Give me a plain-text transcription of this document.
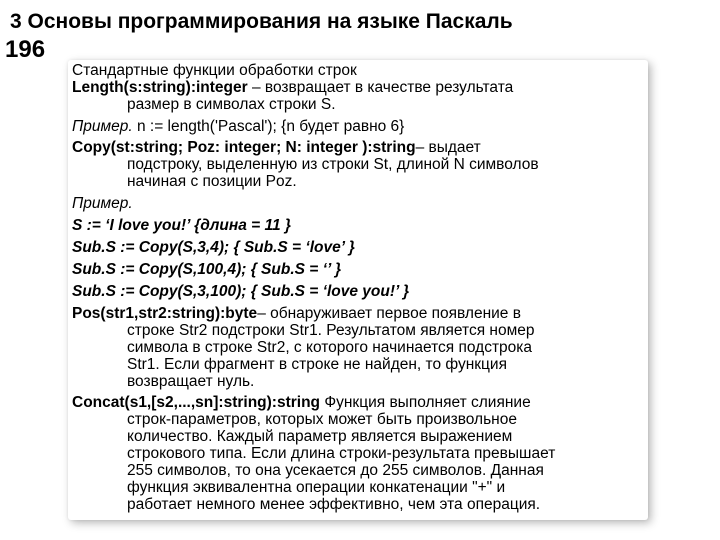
3 Основы программирования на языке Паскаль
196

Стандартные функции обработки строк

Length(s:string):integer – возвращает в качестве результата

размер в символах строки S.

Пример. n := length('Pascal'); {n будет равно 6}

Copy(st:string; Poz: integer; N: integer ):string– выдает

подстроку, выделенную из строки St, длиной N символов

начиная с позиции Poz.

Пример.

S := ‘I love you!’ {длина = 11 }

Sub.S := Copy(S,3,4); { Sub.S = ‘love’ }

Sub.S := Copy(S,100,4); { Sub.S = ‘’ }

Sub.S := Copy(S,3,100); { Sub.S = ‘love you!’ }

Pos(str1,str2:string):byte– обнаруживает первое появление в

строке Str2 подстроки Str1. Результатом является номер

символа в строке Str2, с которого начинается подстрока

Str1. Если фрагмент в строке не найден, то функция

возвращает нуль.

Concat(s1,[s2,...,sn]:string):string Функция выполняет слияние

строк-параметров, которых может быть произвольное

количество. Каждый параметр является выражением

строкового типа. Если длина строки-результата превышает

255 символов, то она усекается до 255 символов. Данная

функция эквивалентна операции конкатенации "+" и

работает немного менее эффективно, чем эта операция.
